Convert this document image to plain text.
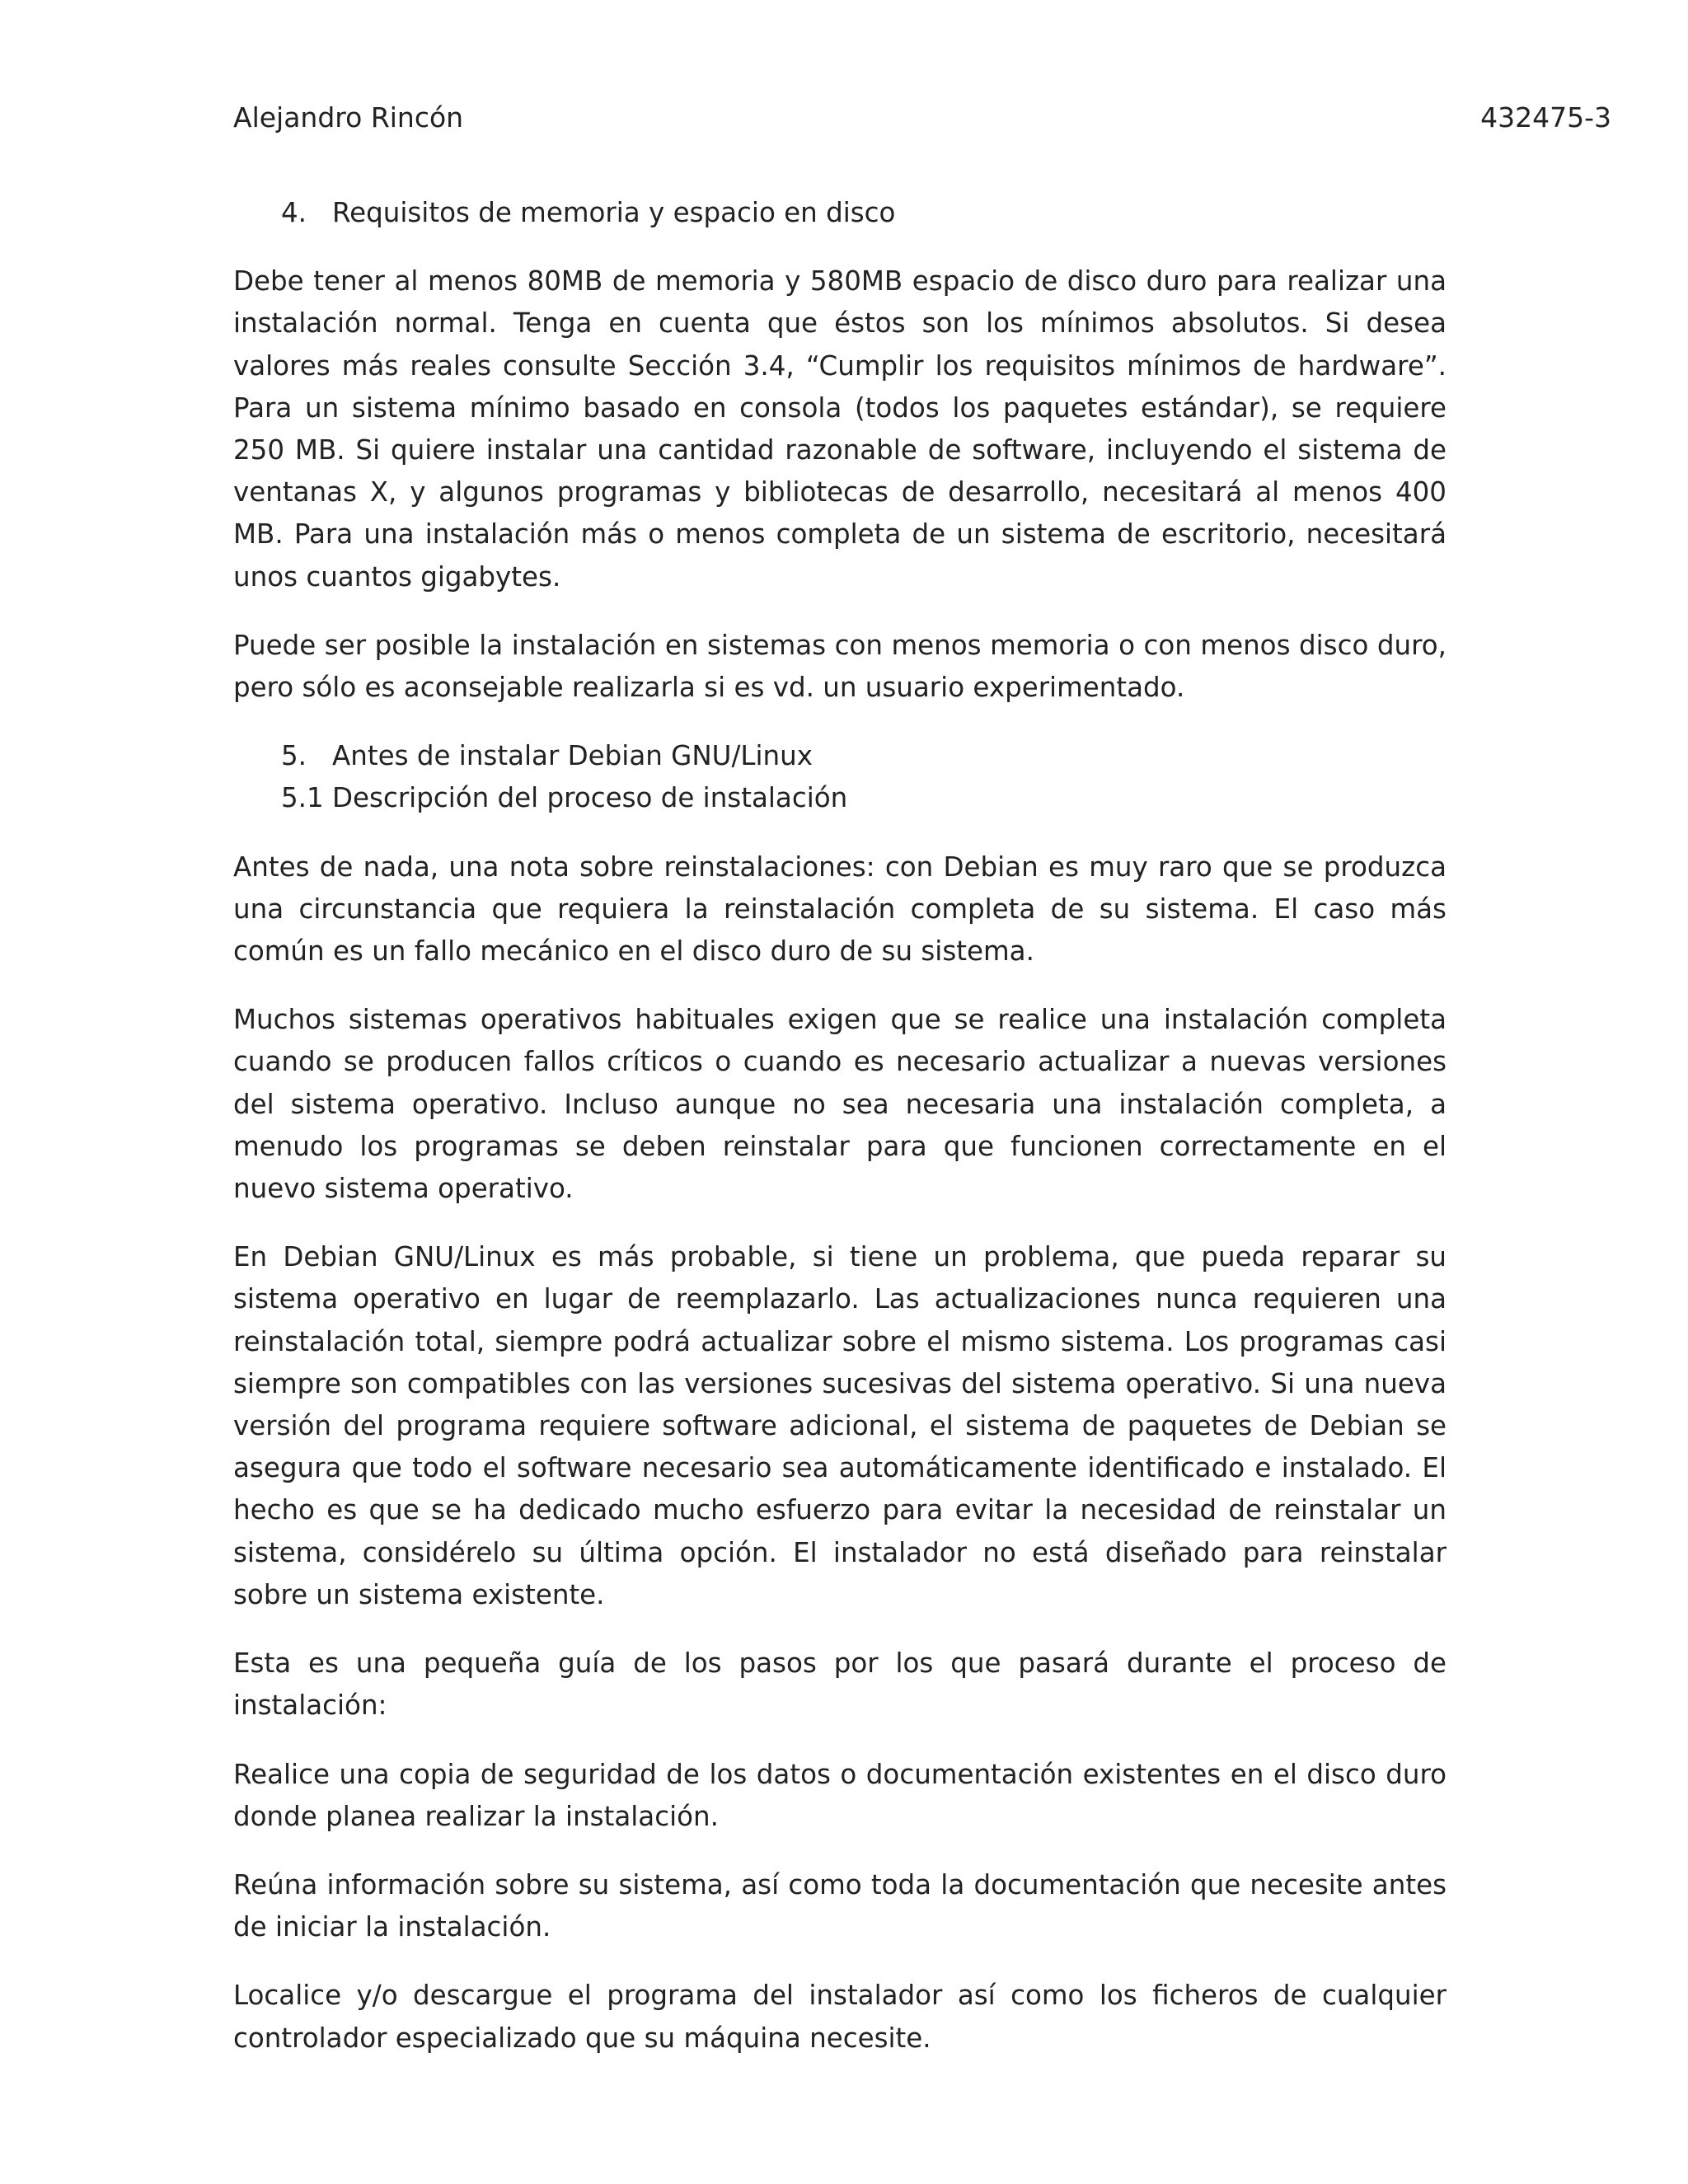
Alejandro Rincón	432475-3
4. Requisitos de memoria y espacio en disco

Debe tener al menos 80MB de memoria y 580MB espacio de disco duro para realizar una instalación normal. Tenga en cuenta que éstos son los mínimos absolutos. Si desea valores más reales consulte Sección 3.4, “Cumplir los requisitos mínimos de hardware”. Para un sistema mínimo basado en consola (todos los paquetes estándar), se requiere 250 MB. Si quiere instalar una cantidad razonable de software, incluyendo el sistema de ventanas X, y algunos programas y bibliotecas de desarrollo, necesitará al menos 400 MB. Para una instalación más o menos completa de un sistema de escritorio, necesitará unos cuantos gigabytes.

Puede ser posible la instalación en sistemas con menos memoria o con menos disco duro, pero sólo es aconsejable realizarla si es vd. un usuario experimentado.

5. Antes de instalar Debian GNU/Linux
5.1 Descripción del proceso de instalación

Antes de nada, una nota sobre reinstalaciones: con Debian es muy raro que se produzca una circunstancia que requiera la reinstalación completa de su sistema. El caso más común es un fallo mecánico en el disco duro de su sistema.

Muchos sistemas operativos habituales exigen que se realice una instalación completa cuando se producen fallos críticos o cuando es necesario actualizar a nuevas versiones del sistema operativo. Incluso aunque no sea necesaria una instalación completa, a menudo los programas se deben reinstalar para que funcionen correctamente en el nuevo sistema operativo.

En Debian GNU/Linux es más probable, si tiene un problema, que pueda reparar su sistema operativo en lugar de reemplazarlo. Las actualizaciones nunca requieren una reinstalación total, siempre podrá actualizar sobre el mismo sistema. Los programas casi siempre son compatibles con las versiones sucesivas del sistema operativo. Si una nueva versión del programa requiere software adicional, el sistema de paquetes de Debian se asegura que todo el software necesario sea automáticamente identificado e instalado. El hecho es que se ha dedicado mucho esfuerzo para evitar la necesidad de reinstalar un sistema, considérelo su última opción. El instalador no está diseñado para reinstalar sobre un sistema existente.

Esta es una pequeña guía de los pasos por los que pasará durante el proceso de instalación:

Realice una copia de seguridad de los datos o documentación existentes en el disco duro donde planea realizar la instalación.

Reúna información sobre su sistema, así como toda la documentación que necesite antes de iniciar la instalación.

Localice y/o descargue el programa del instalador así como los ficheros de cualquier controlador especializado que su máquina necesite.
